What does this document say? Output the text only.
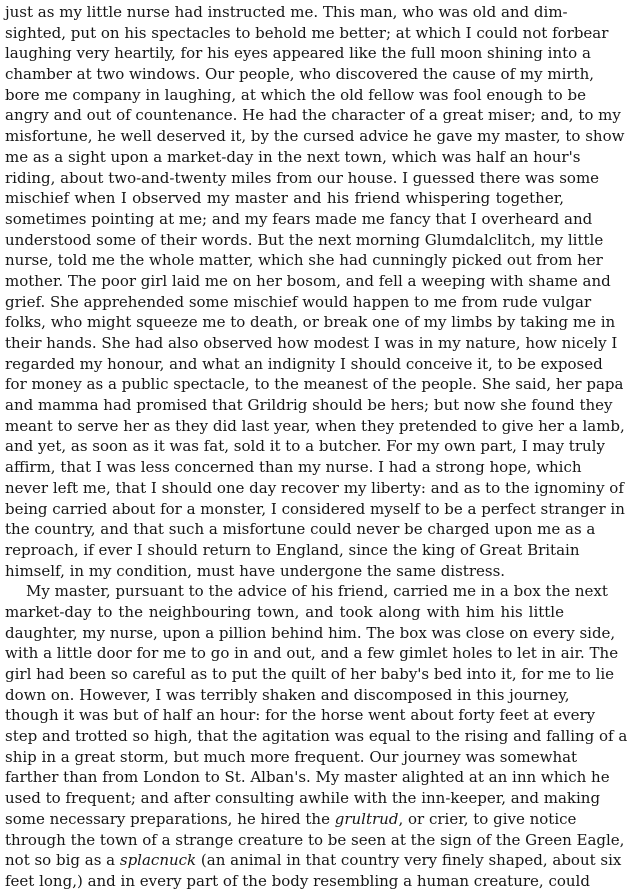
just as my little nurse had instructed me. This man, who was old and dim-
sighted, put on his spectacles to behold me better; at which I could not forbear
laughing very heartily, for his eyes appeared like the full moon shining into a
chamber at two windows. Our people, who discovered the cause of my mirth,
bore me company in laughing, at which the old fellow was fool enough to be
angry and out of countenance. He had the character of a great miser; and, to my
misfortune, he well deserved it, by the cursed advice he gave my master, to show
me as a sight upon a market-day in the next town, which was half an hour's
riding, about two-and-twenty miles from our house. I guessed there was some
mischief when I observed my master and his friend whispering together,
sometimes pointing at me; and my fears made me fancy that I overheard and
understood some of their words. But the next morning Glumdalclitch, my little
nurse, told me the whole matter, which she had cunningly picked out from her
mother. The poor girl laid me on her bosom, and fell a weeping with shame and
grief. She apprehended some mischief would happen to me from rude vulgar
folks, who might squeeze me to death, or break one of my limbs by taking me in
their hands. She had also observed how modest I was in my nature, how nicely I
regarded my honour, and what an indignity I should conceive it, to be exposed
for money as a public spectacle, to the meanest of the people. She said, her papa
and mamma had promised that Grildrig should be hers; but now she found they
meant to serve her as they did last year, when they pretended to give her a lamb,
and yet, as soon as it was fat, sold it to a butcher. For my own part, I may truly
affirm, that I was less concerned than my nurse. I had a strong hope, which
never left me, that I should one day recover my liberty: and as to the ignominy of
being carried about for a monster, I considered myself to be a perfect stranger in
the country, and that such a misfortune could never be charged upon me as a
reproach, if ever I should return to England, since the king of Great Britain
himself, in my condition, must have undergone the same distress.
My master, pursuant to the advice of his friend, carried me in a box the next
market-day to the neighbouring town, and took along with him his little
daughter, my nurse, upon a pillion behind him. The box was close on every side,
with a little door for me to go in and out, and a few gimlet holes to let in air. The
girl had been so careful as to put the quilt of her baby's bed into it, for me to lie
down on. However, I was terribly shaken and discomposed in this journey,
though it was but of half an hour: for the horse went about forty feet at every
step and trotted so high, that the agitation was equal to the rising and falling of a
ship in a great storm, but much more frequent. Our journey was somewhat
farther than from London to St. Alban's. My master alighted at an inn which he
used to frequent; and after consulting awhile with the inn-keeper, and making
some necessary preparations, he hired the grultrud, or crier, to give notice
through the town of a strange creature to be seen at the sign of the Green Eagle,
not so big as a splacnuck (an animal in that country very finely shaped, about six
feet long,) and in every part of the body resembling a human creature, could
